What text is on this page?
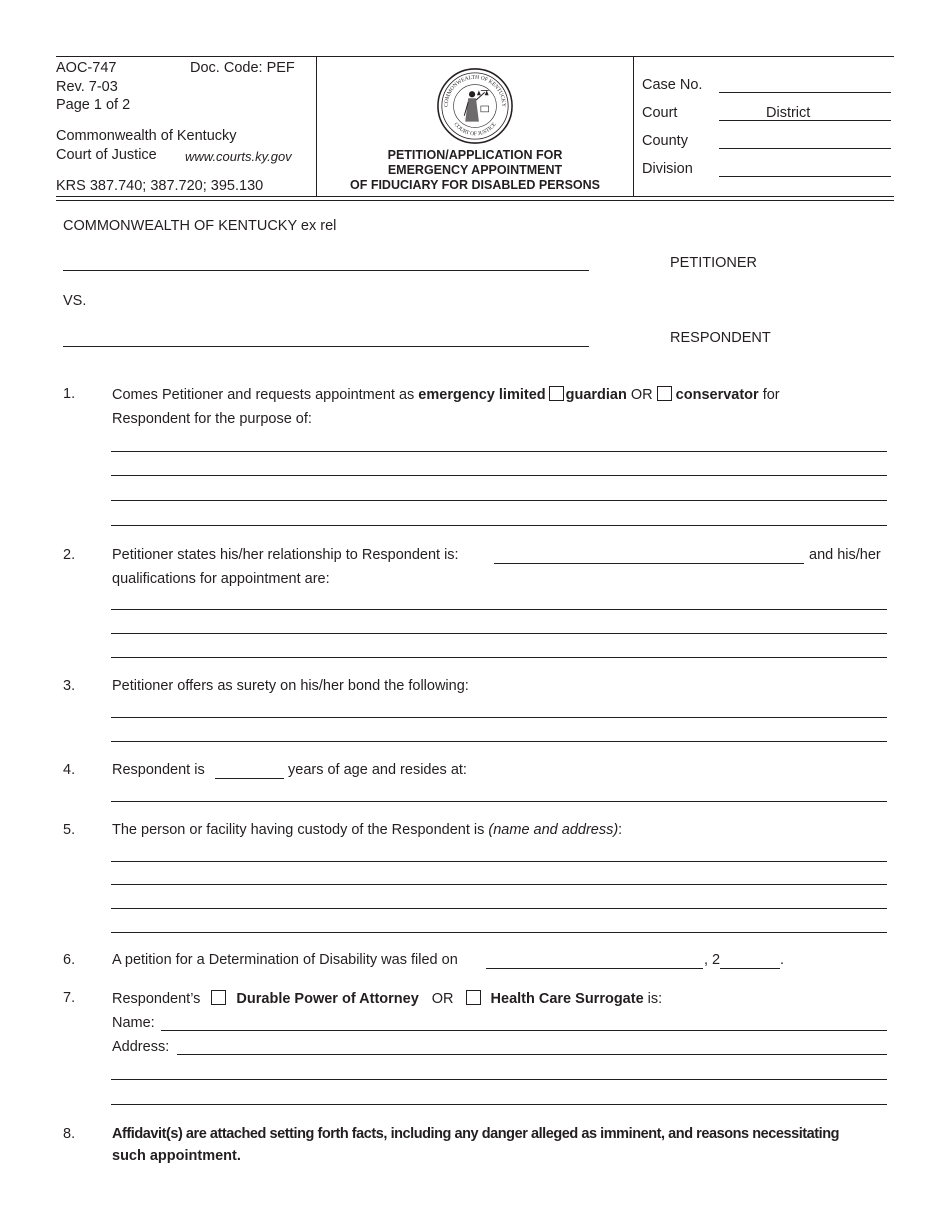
AOC-747	Doc. Code: PEF
Rev. 7-03
Page 1 of 2
Commonwealth of Kentucky
Court of Justice www.courts.ky.gov
KRS 387.740; 387.720; 395.130
COMMONWEALTH OF KENTUCKY
COURT OF JUSTICE
PETITION/APPLICATION FOR
EMERGENCY APPOINTMENT
OF FIDUCIARY FOR DISABLED PERSONS
Case No.
Court	District
County
Division
COMMONWEALTH OF KENTUCKY ex rel
PETITIONER
VS.
RESPONDENT
1.	Comes Petitioner and requests appointment as emergency limited guardian OR conservator for
Respondent for the purpose of:
2.	Petitioner states his/her relationship to Respondent is:	and his/her
qualifications for appointment are:
3.	Petitioner offers as surety on his/her bond the following:
4.	Respondent is	years of age and resides at:
5.	The person or facility having custody of the Respondent is (name and address):
6.	A petition for a Determination of Disability was filed on	, 2	.
7.	Respondent’s Durable Power of Attorney OR	Health Care Surrogate is:
Name:
Address:
8.	Affidavit(s) are attached setting forth facts, including any danger alleged as imminent, and reasons necessitating
such appointment.
